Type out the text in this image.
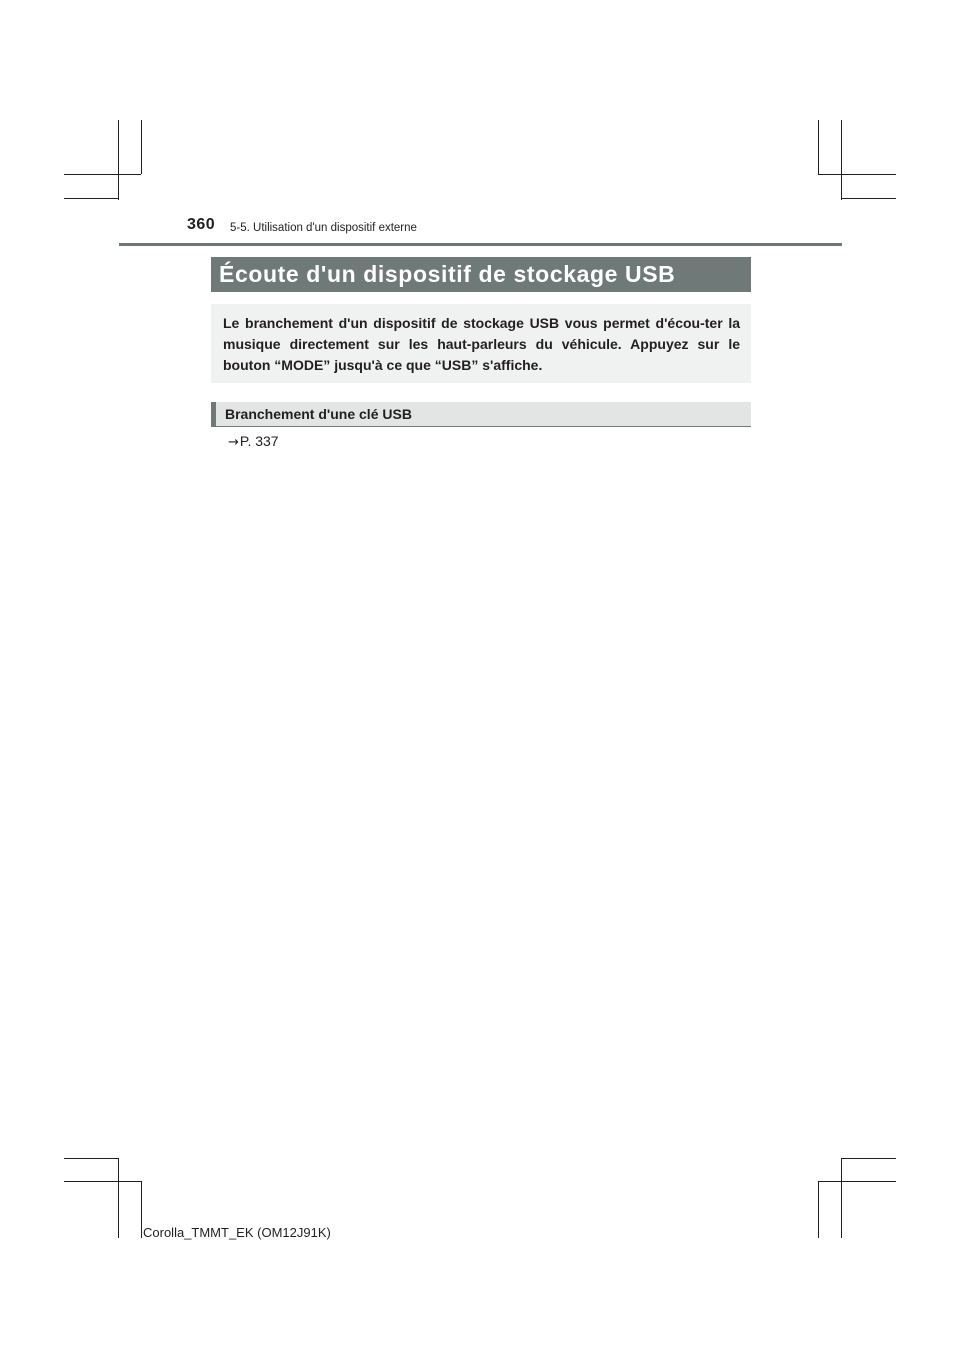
360 5-5. Utilisation d'un dispositif externe
Écoute d'un dispositif de stockage USB
Le branchement d'un dispositif de stockage USB vous permet d'écou-ter la musique directement sur les haut-parleurs du véhicule. Appuyez sur le bouton “MODE” jusqu'à ce que “USB” s'affiche.
Branchement d'une clé USB
→ P. 337
Corolla_TMMT_EK (OM12J91K)
